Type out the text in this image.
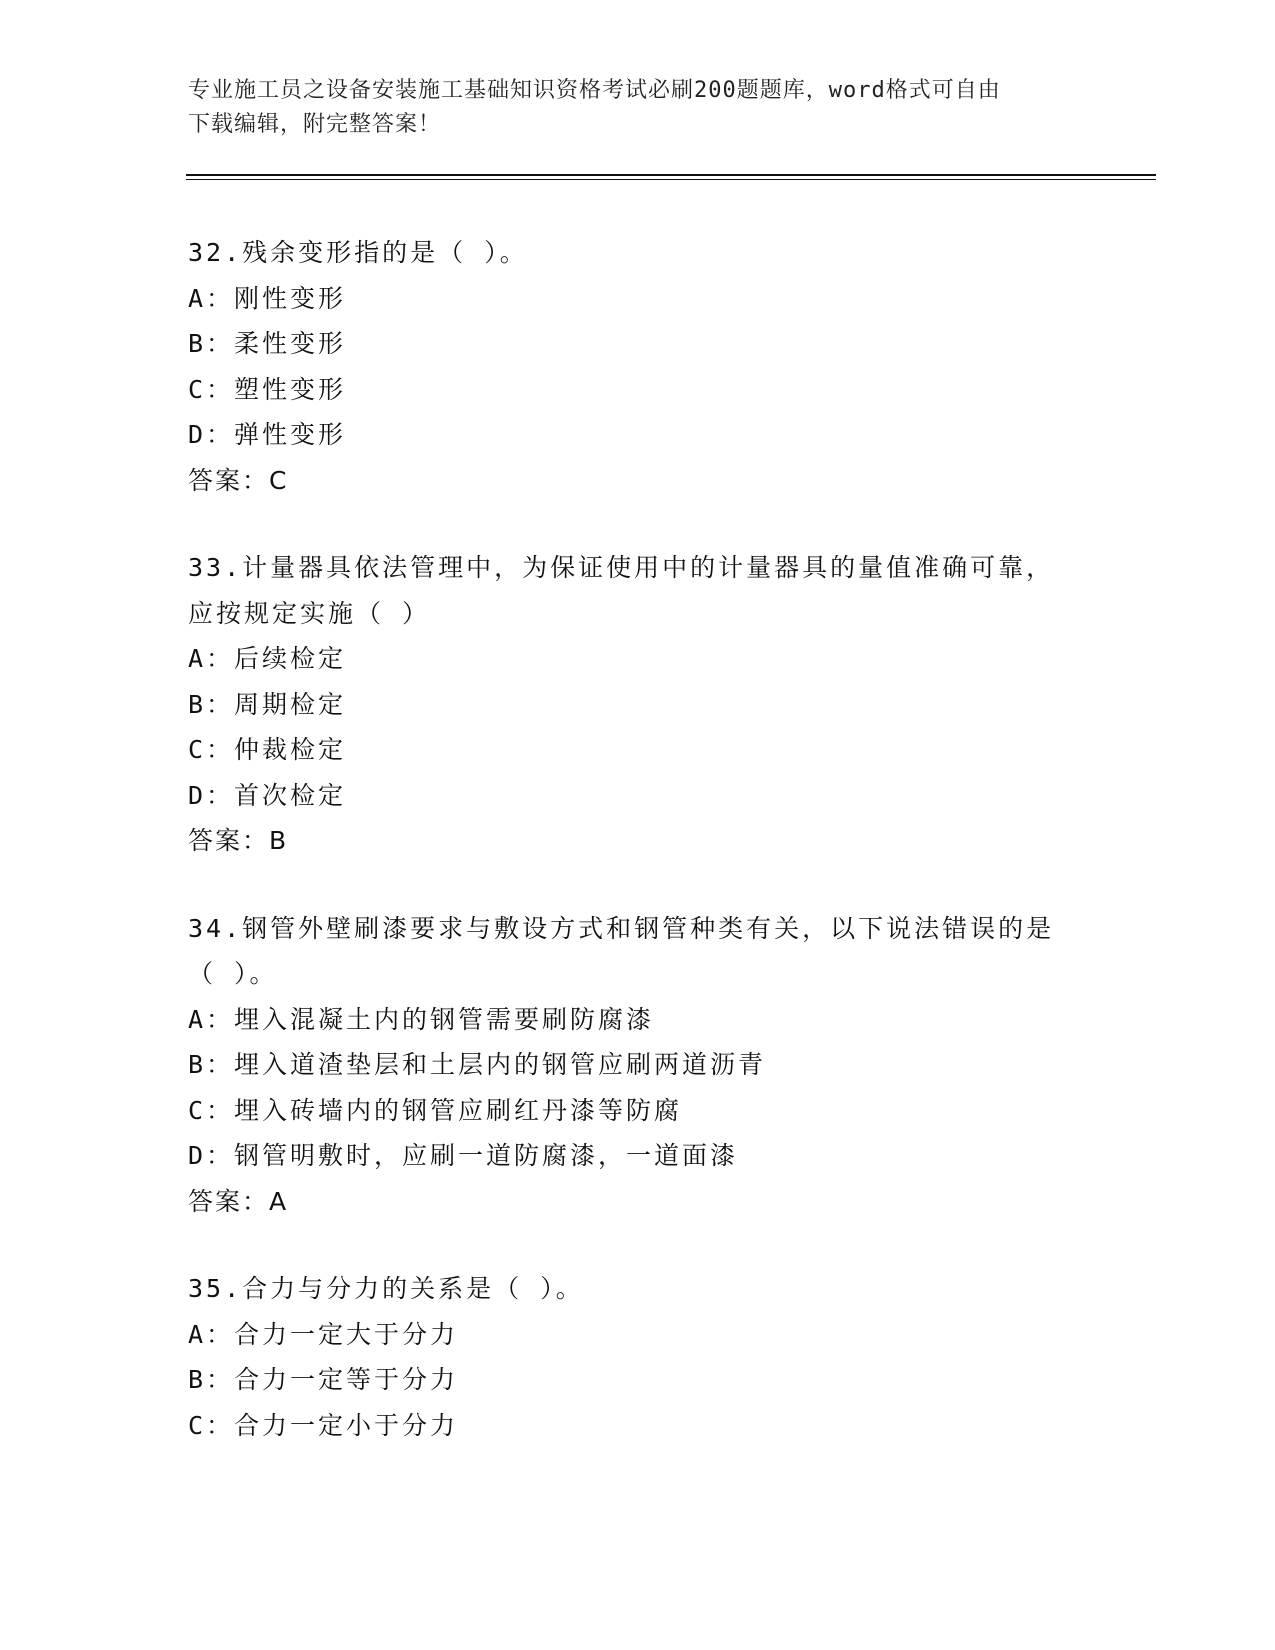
专业施工员之设备安装施工基础知识资格考试必刷200题题库，word格式可自由
下载编辑，附完整答案！
32.残余变形指的是（ ）。
A：刚性变形
B：柔性变形
C：塑性变形
D：弹性变形
答案：C
33.计量器具依法管理中，为保证使用中的计量器具的量值准确可靠，
应按规定实施（ ）
A：后续检定
B：周期检定
C：仲裁检定
D：首次检定
答案：B
34.钢管外壁刷漆要求与敷设方式和钢管种类有关，以下说法错误的是
（ ）。
A：埋入混凝土内的钢管需要刷防腐漆
B：埋入道渣垫层和土层内的钢管应刷两道沥青
C：埋入砖墙内的钢管应刷红丹漆等防腐
D：钢管明敷时，应刷一道防腐漆，一道面漆
答案：A
35.合力与分力的关系是（ ）。
A：合力一定大于分力
B：合力一定等于分力
C：合力一定小于分力
